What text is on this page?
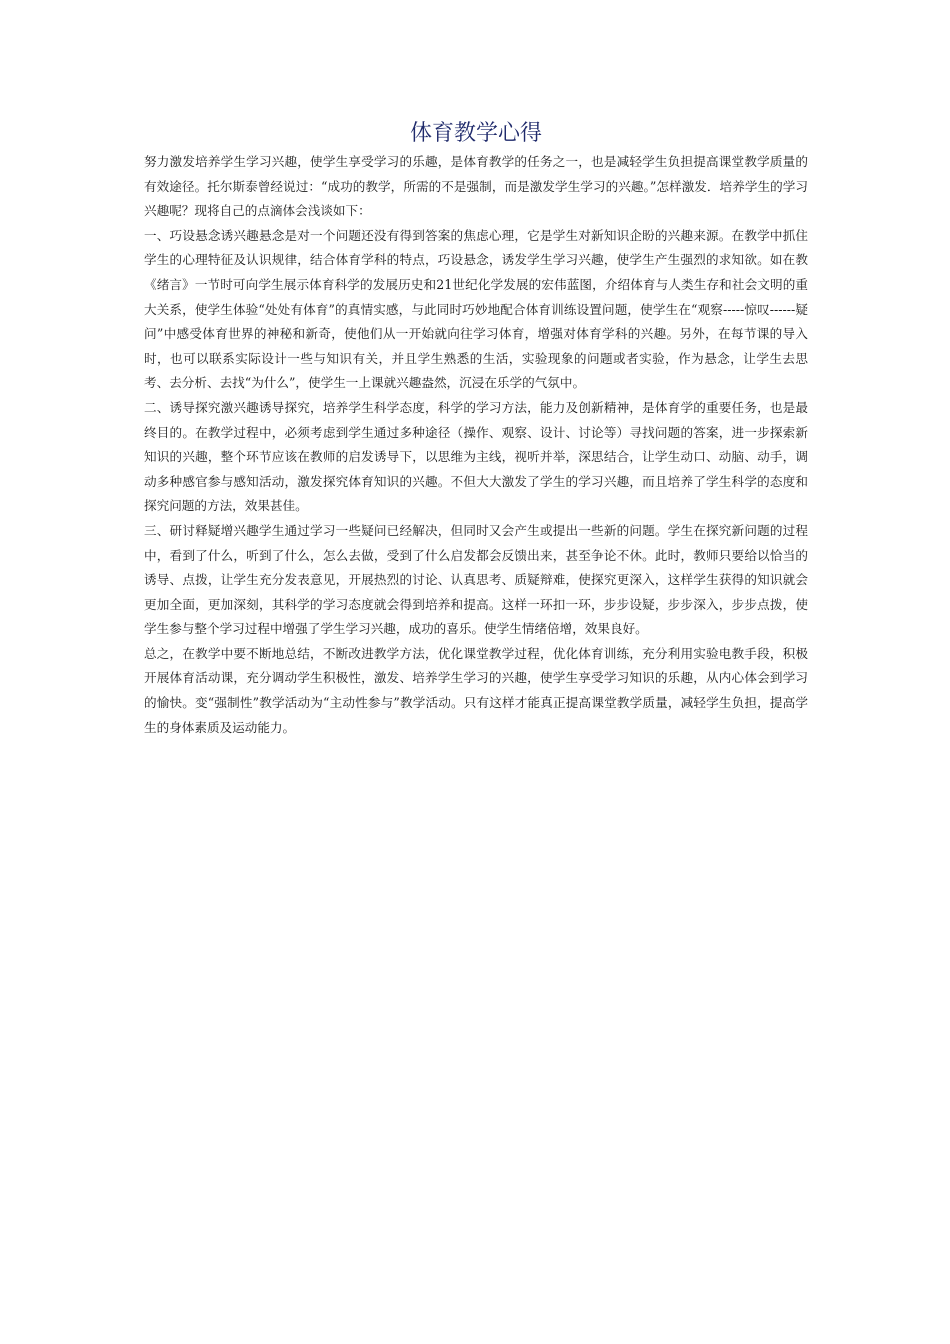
体育教学心得

努力激发培养学生学习兴趣，使学生享受学习的乐趣，是体育教学的任务之一，也是减轻学生负担提高课堂教学质量的有效途径。托尔斯泰曾经说过：“成功的教学，所需的不是强制，而是激发学生学习的兴趣。”怎样激发．培养学生的学习兴趣呢？现将自己的点滴体会浅谈如下：

一、巧设悬念诱兴趣悬念是对一个问题还没有得到答案的焦虑心理，它是学生对新知识企盼的兴趣来源。在教学中抓住学生的心理特征及认识规律，结合体育学科的特点，巧设悬念，诱发学生学习兴趣，使学生产生强烈的求知欲。如在教《绪言》一节时可向学生展示体育科学的发展历史和21世纪化学发展的宏伟蓝图，介绍体育与人类生存和社会文明的重大关系，使学生体验“处处有体育”的真情实感，与此同时巧妙地配合体育训练设置问题，使学生在“观察-----惊叹------疑问”中感受体育世界的神秘和新奇，使他们从一开始就向往学习体育，增强对体育学科的兴趣。另外，在每节课的导入时，也可以联系实际设计一些与知识有关，并且学生熟悉的生活，实验现象的问题或者实验，作为悬念，让学生去思考、去分析、去找“为什么”，使学生一上课就兴趣盎然，沉浸在乐学的气氛中。

二、诱导探究激兴趣诱导探究，培养学生科学态度，科学的学习方法，能力及创新精神，是体育学的重要任务，也是最终目的。在教学过程中，必须考虑到学生通过多种途径（操作、观察、设计、讨论等）寻找问题的答案，进一步探索新知识的兴趣，整个环节应该在教师的启发诱导下，以思维为主线，视听并举，深思结合，让学生动口、动脑、动手，调动多种感官参与感知活动，激发探究体育知识的兴趣。不但大大激发了学生的学习兴趣，而且培养了学生科学的态度和探究问题的方法，效果甚佳。

三、研讨释疑增兴趣学生通过学习一些疑问已经解决，但同时又会产生或提出一些新的问题。学生在探究新问题的过程中，看到了什么，听到了什么，怎么去做，受到了什么启发都会反馈出来，甚至争论不休。此时，教师只要给以恰当的诱导、点拨，让学生充分发表意见，开展热烈的讨论、认真思考、质疑辩难，使探究更深入，这样学生获得的知识就会更加全面，更加深刻，其科学的学习态度就会得到培养和提高。这样一环扣一环，步步设疑，步步深入，步步点拨，使学生参与整个学习过程中增强了学生学习兴趣，成功的喜乐。使学生情绪倍增，效果良好。

总之，在教学中要不断地总结，不断改进教学方法，优化课堂教学过程，优化体育训练，充分利用实验电教手段，积极开展体育活动课，充分调动学生积极性，激发、培养学生学习的兴趣，使学生享受学习知识的乐趣，从内心体会到学习的愉快。变“强制性”教学活动为“主动性参与”教学活动。只有这样才能真正提高课堂教学质量，减轻学生负担，提高学生的身体素质及运动能力。
